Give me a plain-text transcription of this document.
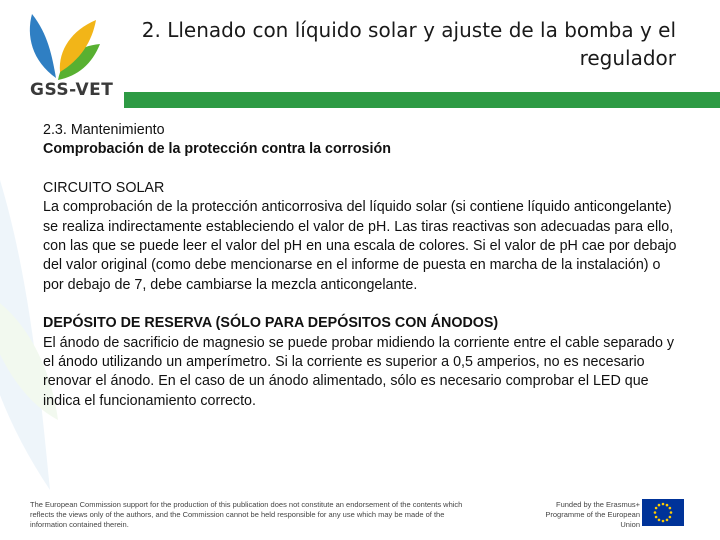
GSS-VET
2. Llenado con líquido solar y ajuste de la bomba y el regulador

2.3. Mantenimiento

Comprobación de la protección contra la corrosión

CIRCUITO SOLAR

La comprobación de la protección anticorrosiva del líquido solar (si contiene líquido anticongelante) se realiza indirectamente estableciendo el valor de pH. Las tiras reactivas son adecuadas para ello, con las que se puede leer el valor del pH en una escala de colores. Si el valor de pH cae por debajo del valor original (como debe mencionarse en el informe de puesta en marcha de la instalación) o por debajo de 7, debe cambiarse la mezcla anticongelante.

DEPÓSITO DE RESERVA (SÓLO PARA DEPÓSITOS CON ÁNODOS)

El ánodo de sacrificio de magnesio se puede probar midiendo la corriente entre el cable separado y el ánodo utilizando un amperímetro. Si la corriente es superior a 0,5 amperios, no es necesario renovar el ánodo. En el caso de un ánodo alimentado, sólo es necesario comprobar el LED que indica el funcionamiento correcto.

The European Commission support for the production of this publication does not constitute an endorsement of the contents which reflects the views only of the authors, and the Commission cannot be held responsible for any use which may be made of the information contained therein.
Funded by the Erasmus+ Programme of the European Union
